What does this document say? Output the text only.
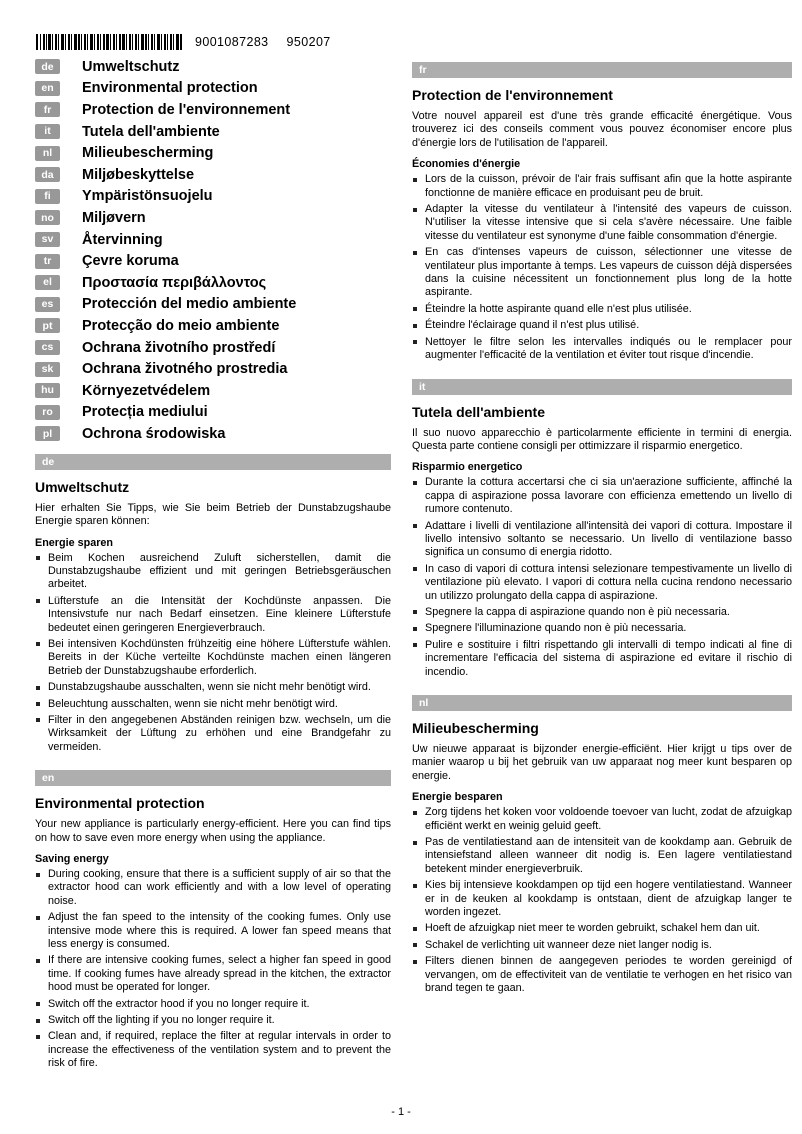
9001087283 950207
de	Umweltschutz
en	Environmental protection
fr	Protection de l'environnement
it	Tutela dell'ambiente
nl	Milieubescherming
da	Miljøbeskyttelse
fi	Ympäristönsuojelu
no	Miljøvern
sv	Återvinning
tr	Çevre koruma
el	Προστασία περιβάλλοντος
es	Protección del medio ambiente
pt	Protecção do meio ambiente
cs	Ochrana životního prostředí
sk	Ochrana životného prostredia
hu	Környezetvédelem
ro	Protecția mediului
pl	Ochrona środowiska
de
Umweltschutz

Hier erhalten Sie Tipps, wie Sie beim Betrieb der Dunstabzugshaube Energie sparen können:

Energie sparen
Beim Kochen ausreichend Zuluft sicherstellen, damit die Dunstabzugshaube effizient und mit geringen Betriebsgeräuschen arbeitet.
Lüfterstufe an die Intensität der Kochdünste anpassen. Die Intensivstufe nur nach Bedarf einsetzen. Eine kleinere Lüfterstufe bedeutet einen geringeren Energieverbrauch.
Bei intensiven Kochdünsten frühzeitig eine höhere Lüfterstufe wählen. Bereits in der Küche verteilte Kochdünste machen einen längeren Betrieb der Dunstabzugshaube erforderlich.
Dunstabzugshaube ausschalten, wenn sie nicht mehr benötigt wird.
Beleuchtung ausschalten, wenn sie nicht mehr benötigt wird.
Filter in den angegebenen Abständen reinigen bzw. wechseln, um die Wirksamkeit der Lüftung zu erhöhen und eine Brandgefahr zu vermeiden.
en
Environmental protection

Your new appliance is particularly energy-efficient. Here you can find tips on how to save even more energy when using the appliance.

Saving energy
During cooking, ensure that there is a sufficient supply of air so that the extractor hood can work efficiently and with a low level of operating noise.
Adjust the fan speed to the intensity of the cooking fumes. Only use intensive mode where this is required. A lower fan speed means that less energy is consumed.
If there are intensive cooking fumes, select a higher fan speed in good time. If cooking fumes have already spread in the kitchen, the extractor hood must be operated for longer.
Switch off the extractor hood if you no longer require it.
Switch off the lighting if you no longer require it.
Clean and, if required, replace the filter at regular intervals in order to increase the effectiveness of the ventilation system and to prevent the risk of fire.
fr
Protection de l'environnement

Votre nouvel appareil est d'une très grande efficacité énergétique. Vous trouverez ici des conseils comment vous pouvez économiser encore plus d'énergie lors de l'utilisation de l'appareil.

Économies d'énergie
Lors de la cuisson, prévoir de l'air frais suffisant afin que la hotte aspirante fonctionne de manière efficace en produisant peu de bruit.
Adapter la vitesse du ventilateur à l'intensité des vapeurs de cuisson. N'utiliser la vitesse intensive que si cela s'avère nécessaire. Une faible vitesse du ventilateur est synonyme d'une faible consommation d'énergie.
En cas d'intenses vapeurs de cuisson, sélectionner une vitesse de ventilateur plus importante à temps. Les vapeurs de cuisson déjà dispersées dans la cuisine nécessitent un fonctionnement plus long de la hotte aspirante.
Éteindre la hotte aspirante quand elle n'est plus utilisée.
Éteindre l'éclairage quand il n'est plus utilisé.
Nettoyer le filtre selon les intervalles indiqués ou le remplacer pour augmenter l'efficacité de la ventilation et éviter tout risque d'incendie.
it
Tutela dell'ambiente

Il suo nuovo apparecchio è particolarmente efficiente in termini di energia. Questa parte contiene consigli per ottimizzare il risparmio energetico.

Risparmio energetico
Durante la cottura accertarsi che ci sia un'aerazione sufficiente, affinché la cappa di aspirazione possa lavorare con efficienza emettendo un livello di rumore contenuto.
Adattare i livelli di ventilazione all'intensità dei vapori di cottura. Impostare il livello intensivo soltanto se necessario. Un livello di ventilazione basso significa un consumo di energia ridotto.
In caso di vapori di cottura intensi selezionare tempestivamente un livello di ventilazione più elevato. I vapori di cottura nella cucina rendono necessario un utilizzo prolungato della cappa di aspirazione.
Spegnere la cappa di aspirazione quando non è più necessaria.
Spegnere l'illuminazione quando non è più necessaria.
Pulire e sostituire i filtri rispettando gli intervalli di tempo indicati al fine di incrementare l'efficacia del sistema di aspirazione ed evitare il rischio di incendio.
nl
Milieubescherming

Uw nieuwe apparaat is bijzonder energie-efficiënt. Hier krijgt u tips over de manier waarop u bij het gebruik van uw apparaat nog meer kunt besparen op energie.

Energie besparen
Zorg tijdens het koken voor voldoende toevoer van lucht, zodat de afzuigkap efficiënt werkt en weinig geluid geeft.
Pas de ventilatiestand aan de intensiteit van de kookdamp aan. Gebruik de intensiefstand alleen wanneer dit nodig is. Een lagere ventilatiestand betekent minder energieverbruik.
Kies bij intensieve kookdampen op tijd een hogere ventilatiestand. Wanneer er in de keuken al kookdamp is ontstaan, dient de afzuigkap langer te worden ingezet.
Hoeft de afzuigkap niet meer te worden gebruikt, schakel hem dan uit.
Schakel de verlichting uit wanneer deze niet langer nodig is.
Filters dienen binnen de aangegeven periodes te worden gereinigd of vervangen, om de effectiviteit van de ventilatie te verhogen en het risico van brand tegen te gaan.
- 1 -
